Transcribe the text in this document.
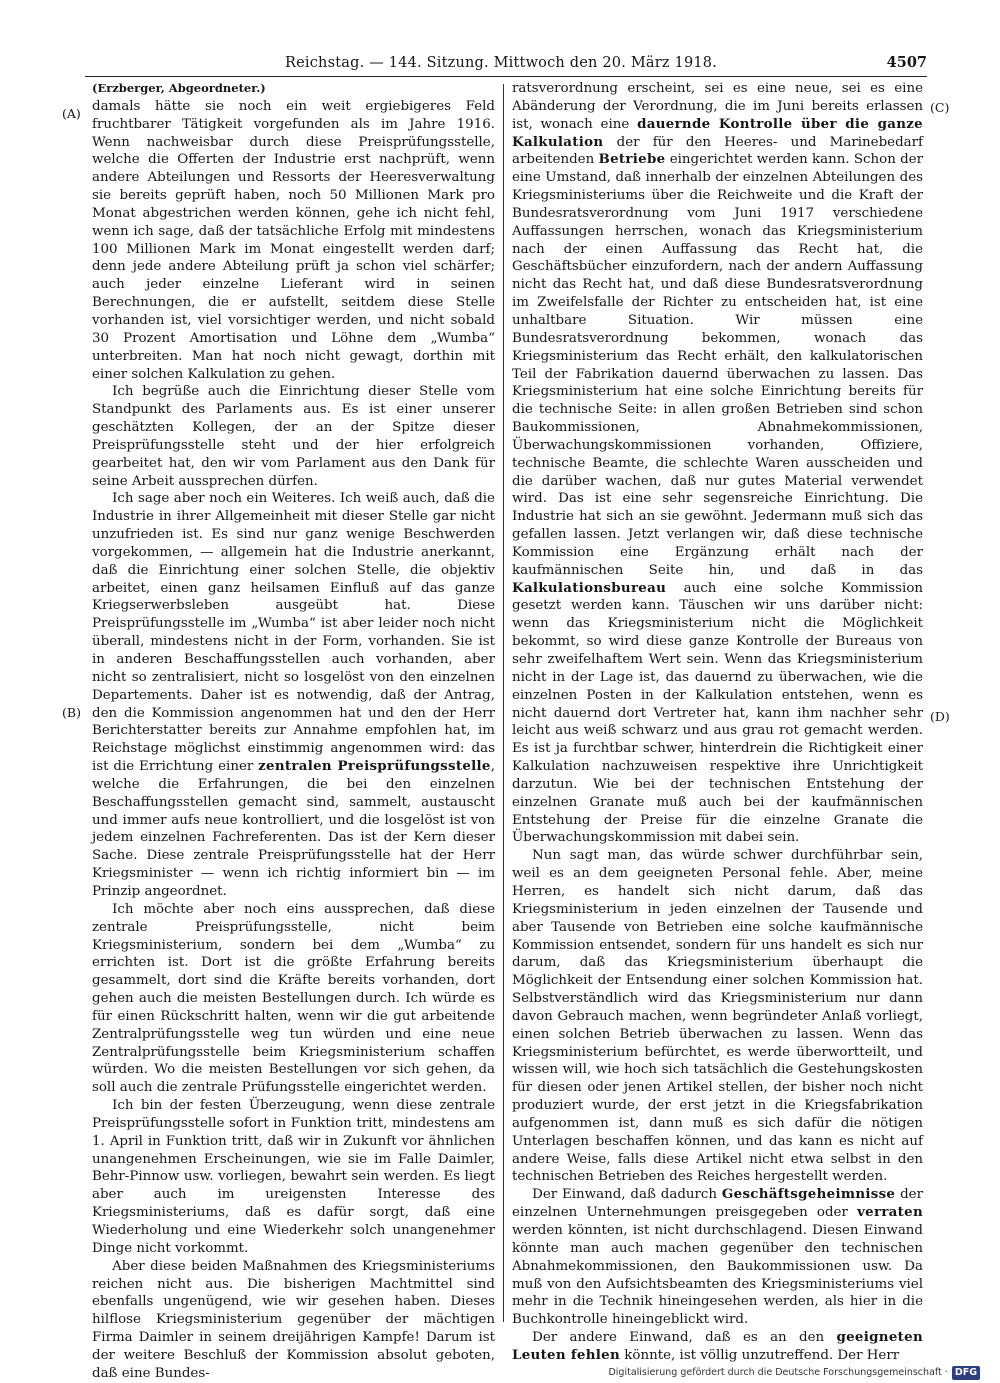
Reichstag. — 144. Sitzung. Mittwoch den 20. März 1918.	4507
(A)
(B)
(C)
(D)

(Erzberger, Abgeordneter.)

damals hätte sie noch ein weit ergiebigeres Feld fruchtbarer Tätigkeit vorgefunden als im Jahre 1916. Wenn nachweisbar durch diese Preisprüfungsstelle, welche die Offerten der Industrie erst nachprüft, wenn andere Abteilungen und Ressorts der Heeresverwaltung sie bereits geprüft haben, noch 50 Millionen Mark pro Monat abgestrichen werden können, gehe ich nicht fehl, wenn ich sage, daß der tatsächliche Erfolg mit mindestens 100 Millionen Mark im Monat eingestellt werden darf; denn jede andere Abteilung prüft ja schon viel schärfer; auch jeder einzelne Lieferant wird in seinen Berechnungen, die er aufstellt, seitdem diese Stelle vorhanden ist, viel vorsichtiger werden, und nicht sobald 30 Prozent Amortisation und Löhne dem „Wumba“ unterbreiten. Man hat noch nicht gewagt, dorthin mit einer solchen Kalkulation zu gehen.

Ich begrüße auch die Einrichtung dieser Stelle vom Standpunkt des Parlaments aus. Es ist einer unserer geschätzten Kollegen, der an der Spitze dieser Preisprüfungsstelle steht und der hier erfolgreich gearbeitet hat, den wir vom Parlament aus den Dank für seine Arbeit aussprechen dürfen.

Ich sage aber noch ein Weiteres. Ich weiß auch, daß die Industrie in ihrer Allgemeinheit mit dieser Stelle gar nicht unzufrieden ist. Es sind nur ganz wenige Beschwerden vorgekommen, — allgemein hat die Industrie anerkannt, daß die Einrichtung einer solchen Stelle, die objektiv arbeitet, einen ganz heilsamen Einfluß auf das ganze Kriegserwerbsleben ausgeübt hat. Diese Preisprüfungsstelle im „Wumba“ ist aber leider noch nicht überall, mindestens nicht in der Form, vorhanden. Sie ist in anderen Beschaffungsstellen auch vorhanden, aber nicht so zentralisiert, nicht so losgelöst von den einzelnen Departements. Daher ist es notwendig, daß der Antrag, den die Kommission angenommen hat und den der Herr Berichterstatter bereits zur Annahme empfohlen hat, im Reichstage möglichst einstimmig angenommen wird: das ist die Errichtung einer zentralen Preisprüfungsstelle, welche die Erfahrungen, die bei den einzelnen Beschaffungsstellen gemacht sind, sammelt, austauscht und immer aufs neue kontrolliert, und die losgelöst ist von jedem einzelnen Fachreferenten. Das ist der Kern dieser Sache. Diese zentrale Preisprüfungsstelle hat der Herr Kriegsminister — wenn ich richtig informiert bin — im Prinzip angeordnet.

Ich möchte aber noch eins aussprechen, daß diese zentrale Preisprüfungsstelle, nicht beim Kriegsministerium, sondern bei dem „Wumba“ zu errichten ist. Dort ist die größte Erfahrung bereits gesammelt, dort sind die Kräfte bereits vorhanden, dort gehen auch die meisten Bestellungen durch. Ich würde es für einen Rückschritt halten, wenn wir die gut arbeitende Zentralprüfungsstelle weg tun würden und eine neue Zentralprüfungsstelle beim Kriegsministerium schaffen würden. Wo die meisten Bestellungen vor sich gehen, da soll auch die zentrale Prüfungsstelle eingerichtet werden.

Ich bin der festen Überzeugung, wenn diese zentrale Preisprüfungsstelle sofort in Funktion tritt, mindestens am 1. April in Funktion tritt, daß wir in Zukunft vor ähnlichen unangenehmen Erscheinungen, wie sie im Falle Daimler, Behr-Pinnow usw. vorliegen, bewahrt sein werden. Es liegt aber auch im ureigensten Interesse des Kriegsministeriums, daß es dafür sorgt, daß eine Wiederholung und eine Wiederkehr solch unangenehmer Dinge nicht vorkommt.

Aber diese beiden Maßnahmen des Kriegsministeriums reichen nicht aus. Die bisherigen Machtmittel sind ebenfalls ungenügend, wie wir gesehen haben. Dieses hilflose Kriegsministerium gegenüber der mächtigen Firma Daimler in seinem dreijährigen Kampfe! Darum ist der weitere Beschluß der Kommission absolut geboten, daß eine Bundes-

ratsverordnung erscheint, sei es eine neue, sei es eine Abänderung der Verordnung, die im Juni bereits erlassen ist, wonach eine dauernde Kontrolle über die ganze Kalkulation der für den Heeres- und Marinebedarf arbeitenden Betriebe eingerichtet werden kann. Schon der eine Umstand, daß innerhalb der einzelnen Abteilungen des Kriegsministeriums über die Reichweite und die Kraft der Bundesratsverordnung vom Juni 1917 verschiedene Auffassungen herrschen, wonach das Kriegsministerium nach der einen Auffassung das Recht hat, die Geschäftsbücher einzufordern, nach der andern Auffassung nicht das Recht hat, und daß diese Bundesratsverordnung im Zweifelsfalle der Richter zu entscheiden hat, ist eine unhaltbare Situation. Wir müssen eine Bundesratsverordnung bekommen, wonach das Kriegsministerium das Recht erhält, den kalkulatorischen Teil der Fabrikation dauernd überwachen zu lassen. Das Kriegsministerium hat eine solche Einrichtung bereits für die technische Seite: in allen großen Betrieben sind schon Baukommissionen, Abnahmekommissionen, Überwachungskommissionen vorhanden, Offiziere, technische Beamte, die schlechte Waren ausscheiden und die darüber wachen, daß nur gutes Material verwendet wird. Das ist eine sehr segensreiche Einrichtung. Die Industrie hat sich an sie gewöhnt. Jedermann muß sich das gefallen lassen. Jetzt verlangen wir, daß diese technische Kommission eine Ergänzung erhält nach der kaufmännischen Seite hin, und daß in das Kalkulationsbureau auch eine solche Kommission gesetzt werden kann. Täuschen wir uns darüber nicht: wenn das Kriegsministerium nicht die Möglichkeit bekommt, so wird diese ganze Kontrolle der Bureaus von sehr zweifelhaftem Wert sein. Wenn das Kriegsministerium nicht in der Lage ist, das dauernd zu überwachen, wie die einzelnen Posten in der Kalkulation entstehen, wenn es nicht dauernd dort Vertreter hat, kann ihm nachher sehr leicht aus weiß schwarz und aus grau rot gemacht werden. Es ist ja furchtbar schwer, hinterdrein die Richtigkeit einer Kalkulation nachzuweisen respektive ihre Unrichtigkeit darzutun. Wie bei der technischen Entstehung der einzelnen Granate muß auch bei der kaufmännischen Entstehung der Preise für die einzelne Granate die Überwachungskommission mit dabei sein.

Nun sagt man, das würde schwer durchführbar sein, weil es an dem geeigneten Personal fehle. Aber, meine Herren, es handelt sich nicht darum, daß das Kriegsministerium in jeden einzelnen der Tausende und aber Tausende von Betrieben eine solche kaufmännische Kommission entsendet, sondern für uns handelt es sich nur darum, daß das Kriegsministerium überhaupt die Möglichkeit der Entsendung einer solchen Kommission hat. Selbstverständlich wird das Kriegsministerium nur dann davon Gebrauch machen, wenn begründeter Anlaß vorliegt, einen solchen Betrieb überwachen zu lassen. Wenn das Kriegsministerium befürchtet, es werde überwortteilt, und wissen will, wie hoch sich tatsächlich die Gestehungskosten für diesen oder jenen Artikel stellen, der bisher noch nicht produziert wurde, der erst jetzt in die Kriegsfabrikation aufgenommen ist, dann muß es sich dafür die nötigen Unterlagen beschaffen können, und das kann es nicht auf andere Weise, falls diese Artikel nicht etwa selbst in den technischen Betrieben des Reiches hergestellt werden.

Der Einwand, daß dadurch Geschäftsgeheimnisse der einzelnen Unternehmungen preisgegeben oder verraten werden könnten, ist nicht durchschlagend. Diesen Einwand könnte man auch machen gegenüber den technischen Abnahmekommissionen, den Baukommissionen usw. Da muß von den Aufsichtsbeamten des Kriegsministeriums viel mehr in die Technik hineingesehen werden, als hier in die Buchkontrolle hineingeblickt wird.

Der andere Einwand, daß es an den geeigneten Leuten fehlen könnte, ist völlig unzutreffend. Der Herr

Digitalisierung gefördert durch die Deutsche Forschungsgemeinschaft · DFG
